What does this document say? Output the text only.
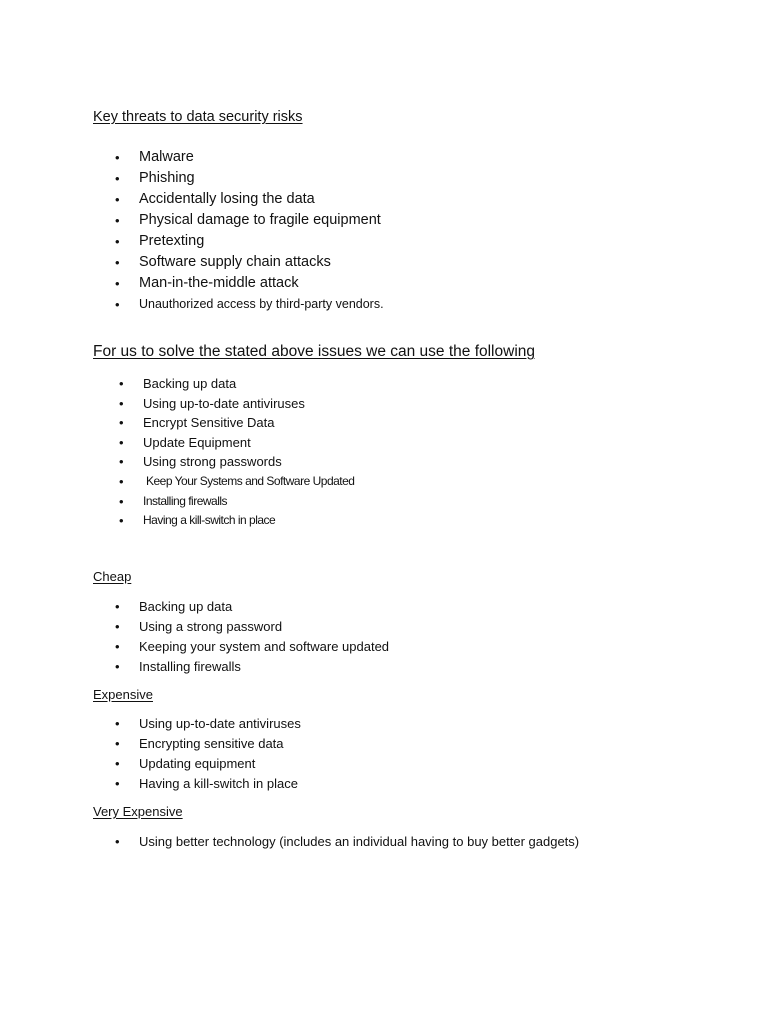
Key threats to data security risks
• Malware
• Phishing
• Accidentally losing the data
• Physical damage to fragile equipment
• Pretexting
• Software supply chain attacks
• Man-in-the-middle attack
• Unauthorized access by third-party vendors.
For us to solve the stated above issues we can use the following
• Backing up data
• Using up-to-date antiviruses
• Encrypt Sensitive Data
• Update Equipment
• Using strong passwords
• Keep Your Systems and Software Updated
• Installing firewalls
• Having a kill-switch in place
Cheap
• Backing up data
• Using a strong password
• Keeping your system and software updated
• Installing firewalls
Expensive
• Using up-to-date antiviruses
• Encrypting sensitive data
• Updating equipment
• Having a kill-switch in place
Very Expensive
• Using better technology (includes an individual having to buy better gadgets)
